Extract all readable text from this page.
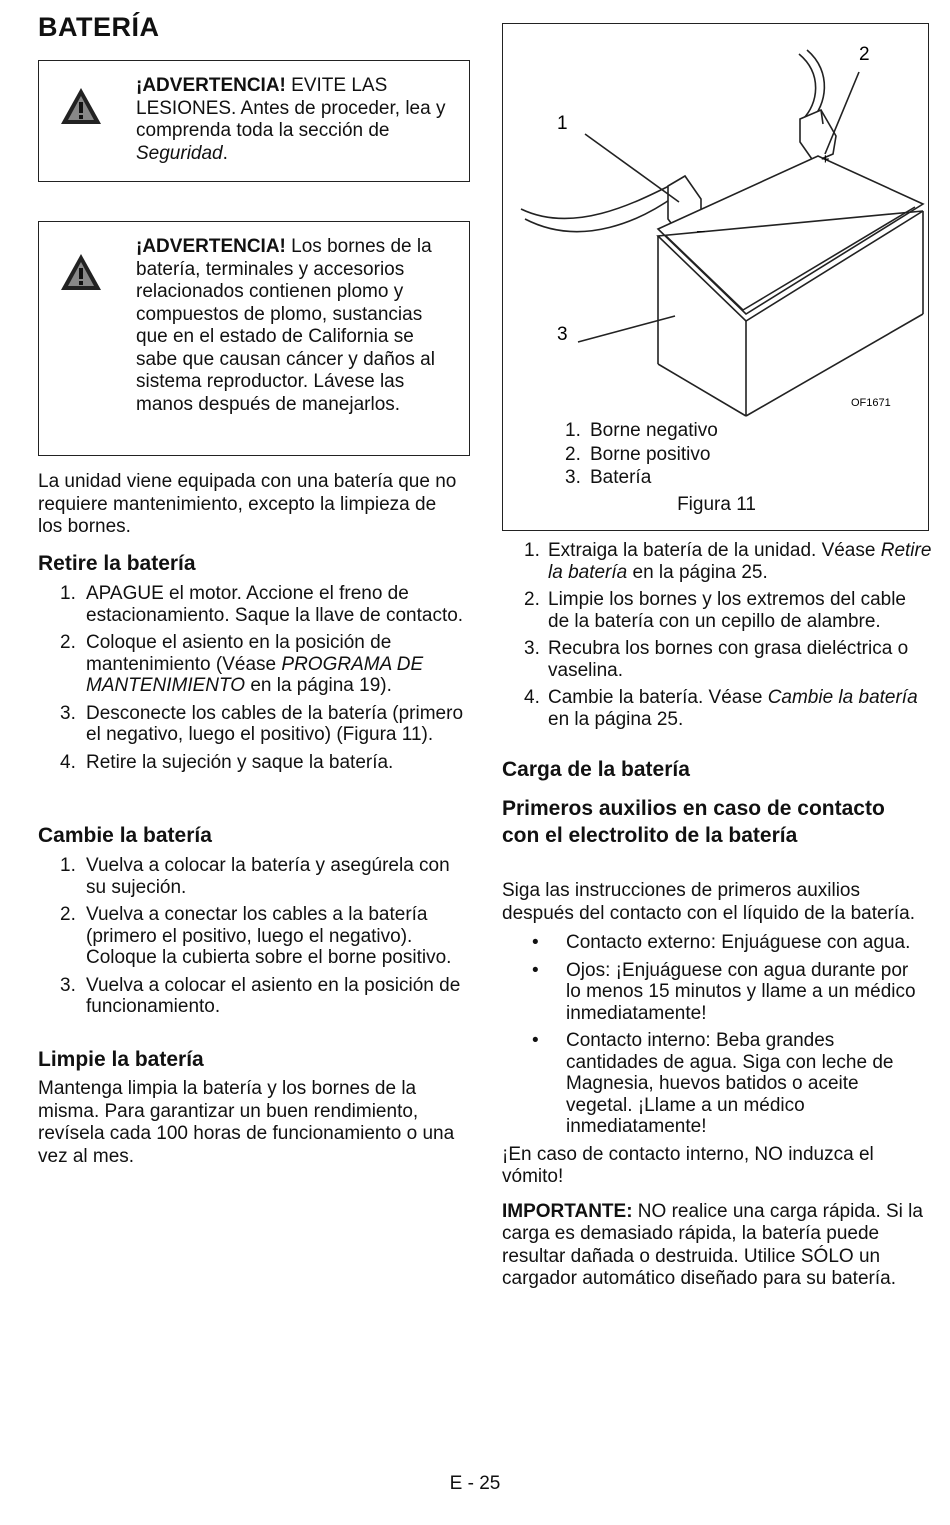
BATERÍA
¡ADVERTENCIA! EVITE LAS LESIONES. Antes de proceder, lea y comprenda toda la sección de Seguridad.
¡ADVERTENCIA! Los bornes de la batería, terminales y accesorios relacionados contienen plomo y compuestos de plomo, sustancias que en el estado de California se sabe que causan cáncer y daños al sistema reproductor. Lávese las manos después de manejarlos.
La unidad viene equipada con una batería que no requiere mantenimiento, excepto la limpieza de los bornes.
Retire la batería
1. APAGUE el motor. Accione el freno de estacionamiento. Saque la llave de contacto.
2. Coloque el asiento en la posición de mantenimiento (Véase PROGRAMA DE MANTENIMIENTO en la página 19).
3. Desconecte los cables de la batería (primero el negativo, luego el positivo) (Figura 11).
4. Retire la sujeción y saque la batería.
Cambie la batería
1. Vuelva a colocar la batería y asegúrela con su sujeción.
2. Vuelva a conectar los cables a la batería (primero el positivo, luego el negativo). Coloque la cubierta sobre el borne positivo.
3. Vuelva a colocar el asiento en la posición de funcionamiento.
Limpie la batería
Mantenga limpia la batería y los bornes de la misma. Para garantizar un buen rendimiento, revísela cada 100 horas de funcionamiento o una vez al mes.
–
+
1
2
3
OF1671
1. Borne negativo
2. Borne positivo
3. Batería
Figura 11
1. Extraiga la batería de la unidad. Véase Retire la batería en la página 25.
2. Limpie los bornes y los extremos del cable de la batería con un cepillo de alambre.
3. Recubra los bornes con grasa dieléctrica o vaselina.
4. Cambie la batería. Véase Cambie la batería en la página 25.
Carga de la batería
Primeros auxilios en caso de contacto con el electrolito de la batería
Siga las instrucciones de primeros auxilios después del contacto con el líquido de la batería.
• Contacto externo: Enjuáguese con agua.
• Ojos: ¡Enjuáguese con agua durante por lo menos 15 minutos y llame a un médico inmediatamente!
• Contacto interno: Beba grandes cantidades de agua. Siga con leche de Magnesia, huevos batidos o aceite vegetal. ¡Llame a un médico inmediatamente!
¡En caso de contacto interno, NO induzca el vómito!
IMPORTANTE: NO realice una carga rápida. Si la carga es demasiado rápida, la batería puede resultar dañada o destruida. Utilice SÓLO un cargador automático diseñado para su batería.
E - 25
